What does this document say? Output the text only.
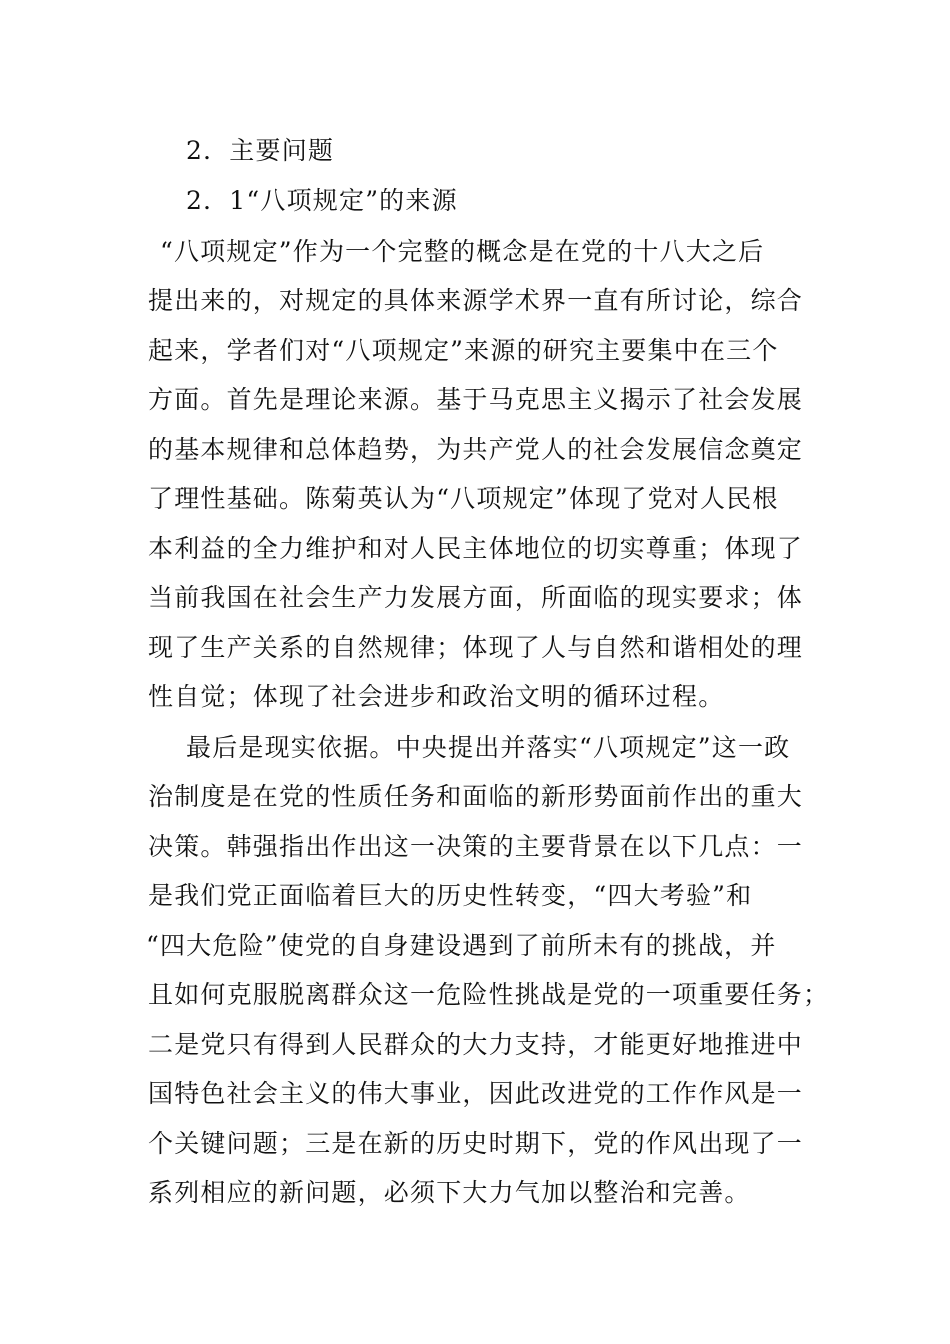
2．主要问题
2．1“八项规定”的来源
“八项规定”作为一个完整的概念是在党的十八大之后
提出来的，对规定的具体来源学术界一直有所讨论，综合
起来，学者们对“八项规定”来源的研究主要集中在三个
方面。首先是理论来源。基于马克思主义揭示了社会发展
的基本规律和总体趋势，为共产党人的社会发展信念奠定
了理性基础。陈菊英认为“八项规定”体现了党对人民根
本利益的全力维护和对人民主体地位的切实尊重；体现了
当前我国在社会生产力发展方面，所面临的现实要求；体
现了生产关系的自然规律；体现了人与自然和谐相处的理
性自觉；体现了社会进步和政治文明的循环过程。
最后是现实依据。中央提出并落实“八项规定”这一政
治制度是在党的性质任务和面临的新形势面前作出的重大
决策。韩强指出作出这一决策的主要背景在以下几点：一
是我们党正面临着巨大的历史性转变，“四大考验”和
“四大危险”使党的自身建设遇到了前所未有的挑战，并
且如何克服脱离群众这一危险性挑战是党的一项重要任务；
二是党只有得到人民群众的大力支持，才能更好地推进中
国特色社会主义的伟大事业，因此改进党的工作作风是一
个关键问题；三是在新的历史时期下，党的作风出现了一
系列相应的新问题，必须下大力气加以整治和完善。
